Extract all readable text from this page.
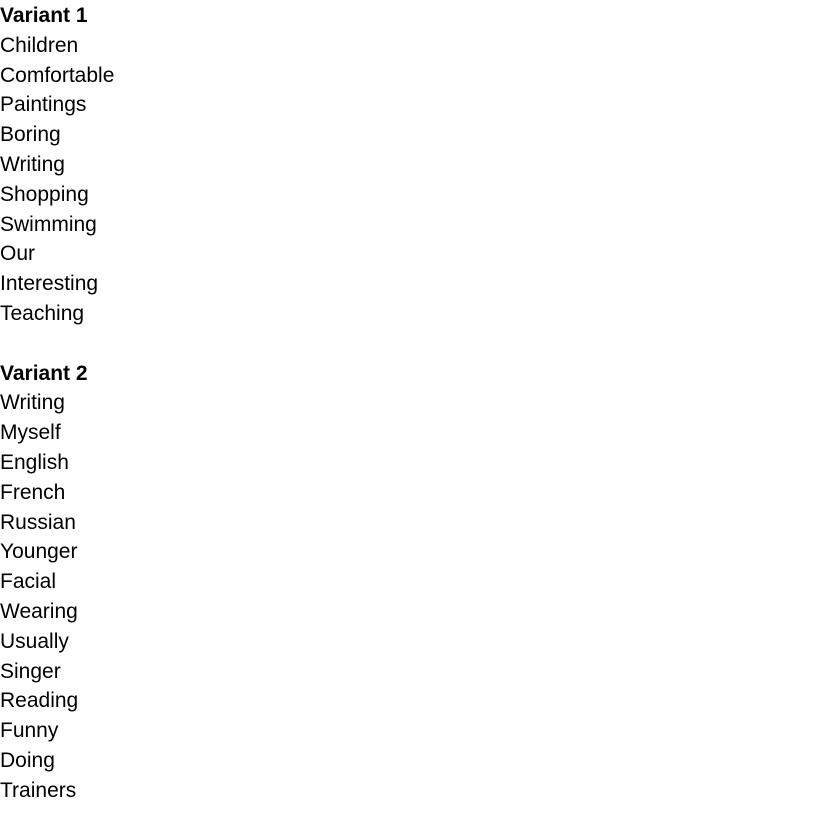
Variant 1
Children
Comfortable
Paintings
Boring
Writing
Shopping
Swimming
Our
Interesting
Teaching
Variant 2
Writing
Myself
English
French
Russian
Younger
Facial
Wearing
Usually
Singer
Reading
Funny
Doing
Trainers
